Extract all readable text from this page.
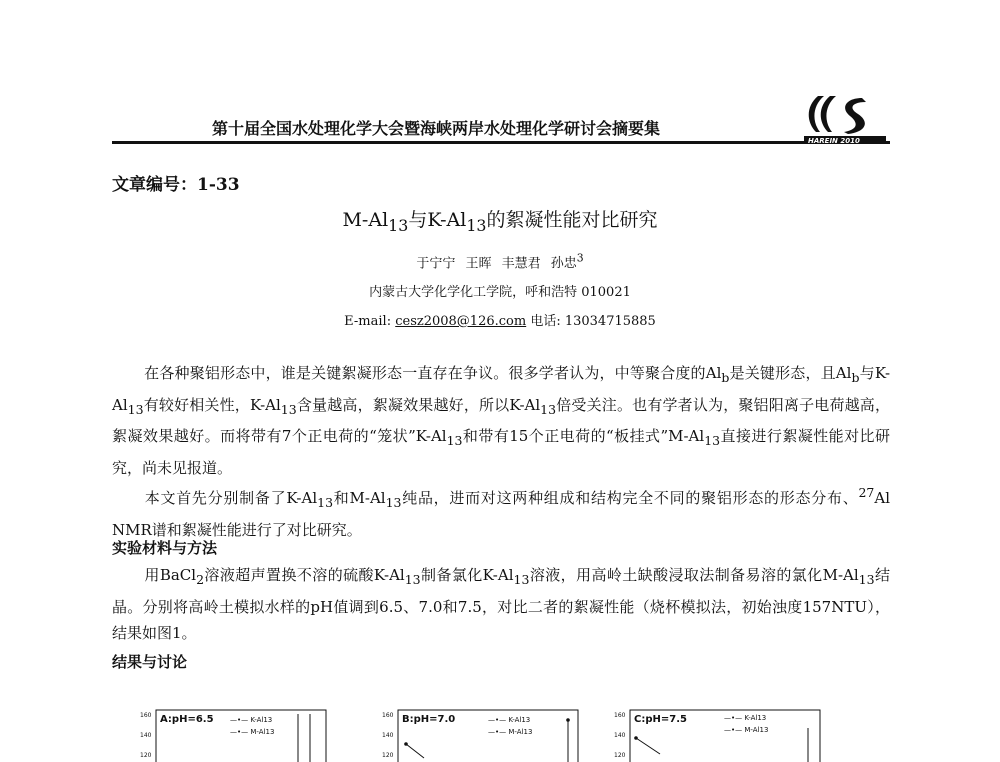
第十届全国水处理化学大会暨海峡两岸水处理化学研讨会摘要集
HAREIN 2010
文章编号：1-33
$M-Al_{13}$与$K-Al_{13}$的絮凝性能对比研究
于宁宁 王晖 丰慧君 孙忠$^3$
内蒙古大学化学化工学院，呼和浩特 010021
E-mail: cesz2008@126.com 电话: 13034715885
在各种聚铝形态中，谁是关键絮凝形态一直存在争议。很多学者认为，中等聚合度的$Al_b$是关键形态，且$Al_b$与$K-Al_{13}$有较好相关性，$K-Al_{13}$含量越高，絮凝效果越好，所以$K-Al_{13}$倍受关注。也有学者认为，聚铝阳离子电荷越高，絮凝效果越好。而将带有7个正电荷的“笼状$”K-Al_{13}$和带有15个正电荷的“板挂式$”M-Al_{13}$直接进行絮凝性能对比研究，尚未见报道。
本文首先分别制备了$K-Al_{13}$和$M-Al_{13}$纯品，进而对这两种组成和结构完全不同的聚铝形态的形态分布、$^{27}$Al NMR谱和絮凝性能进行了对比研究。
实验材料与方法
用BaCl$_2$溶液超声置换不溶的硫酸$K-Al_{13}$制备氯化$K-Al_{13}$溶液，用高岭土缺酸浸取法制备易溶的氯化$M-Al_{13}$结晶。分别将高岭土模拟水样的pH值调到6.5、7.0和7.5，对比二者的絮凝性能（烧杯模拟法，初始浊度157NTU），结果如图1。
结果与讨论
A:pH=6.5 —•— K-Al13
—•— M-Al13
160
140
120
B:pH=7.0	—•— K-Al13
—•— M-Al13
160
140
120
C:pH=7.5	—•— K-Al13
—•— M-Al13
160
140
120
